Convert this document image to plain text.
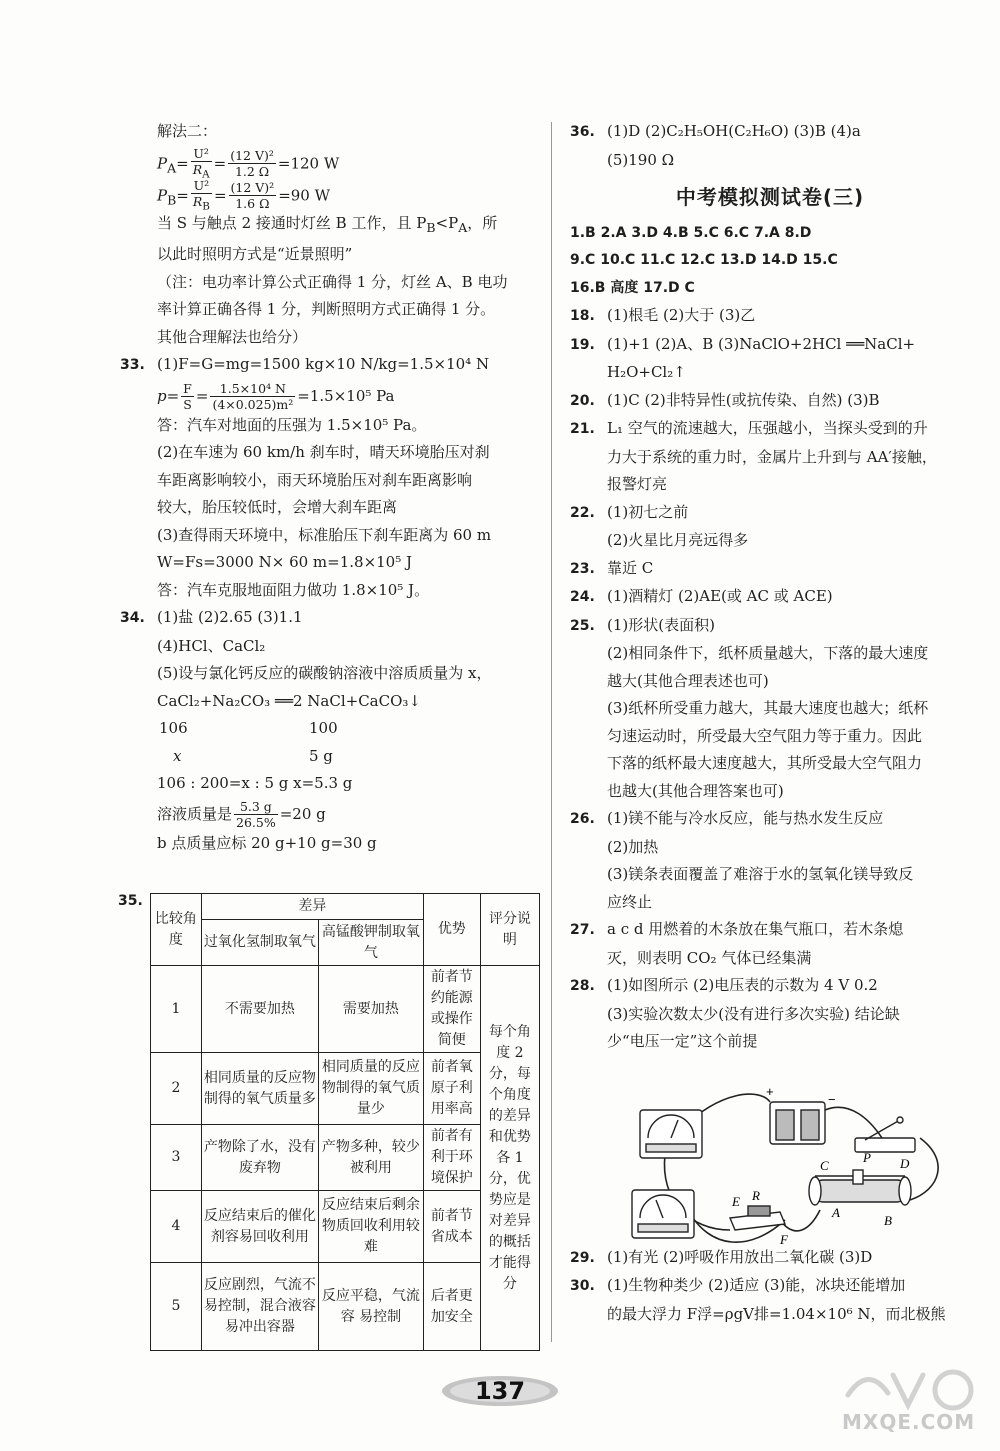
解法二：
$P_A= \frac{\text{U²}}{R_A} = \frac{\text{(12 V)²}}{1.2 \Omega} =120$ W
$P_B= \frac{\text{U²}}{R_B} = \frac{\text{(12 V)²}}{1.6 \Omega} =90$ W
当 S 与触点 2 接通时灯丝 B 工作，且 $P_B<P_A$，所
以此时照明方式是“近景照明”
（注：电功率计算公式正确得 1 分，灯丝 A、B 电功
率计算正确各得 1 分，判断照明方式正确得 1 分。
其他合理解法也给分）
33. (1)F=G=mg=1500 kg×10 N/kg=1.5×10⁴ N
$p= \frac{F}{S} = \frac{\text{1.5×10⁴ N}}{\text{(4×0.025)m²}} =1.5\times 10^5$ Pa
答：汽车对地面的压强为 1.5×10⁵ Pa。
(2)在车速为 60 km/h 刹车时，晴天环境胎压对刹
车距离影响较小，雨天环境胎压对刹车距离影响
较大，胎压较低时，会增大刹车距离
(3)查得雨天环境中，标准胎压下刹车距离为 60 m
W=Fs=3000 N× 60 m=1.8×10⁵ J
答：汽车克服地面阻力做功 1.8×10⁵ J。
34. (1)盐 (2)2.65 (3)1.1
(4)HCl、CaCl₂
(5)设与氯化钙反应的碳酸钠溶液中溶质质量为 x，
CaCl₂+Na₂CO₃ ══2 NaCl+CaCO₃↓
106	100
x	5 g
106 : 200=x : 5 g x=5.3 g
溶液质量是 $\frac{5.3 g}{26.5\%} =20$ g
b 点质量应标 20 g+10 g=30 g
35.
比较角度	差异		优势	评分说明
	过氧化氢制取氧气	高锰酸钾制取氧气		
1	不需要加热	需要加热	前者节约能源或操作简便	每个角度 2 分，每个角度的差异和优势各 1 分，优势应是对差异的概括才能得分
2	相同质量的反应物制得的氧气质量多	相同质量的反应物制得的氧气质量少	前者氧原子利用率高	
3	产物除了水，没有废弃物	产物多种，较少被利用	前者有利于环境保护	
4	反应结束后的催化剂容易回收利用	反应结束后剩余物质回收利用较难	前者节省成本	
5	反应剧烈，气流不易控制，混合液容易冲出容器	反应平稳，气流容 易控制	后者更加安全	
36. (1)D (2)C₂H₅OH(C₂H₆O) (3)B (4)a
(5)190 Ω
中考模拟测试卷(三)
1.B 2.A 3.D 4.B 5.C 6.C 7.A 8.D
9.C 10.C 11.C 12.C 13.D 14.D 15.C
16.B 高度 17.D C
18. (1)根毛 (2)大于 (3)乙
19. (1)+1 (2)A、B (3)NaClO+2HCl ══NaCl+
H₂O+Cl₂↑
20. (1)C (2)非特异性(或抗传染、自然) (3)B
21. L₁ 空气的流速越大，压强越小，当探头受到的升
力大于系统的重力时，金属片上升到与 AA′接触，
报警灯亮
22. (1)初七之前
(2)火星比月亮远得多
23. 靠近 C
24. (1)酒精灯 (2)AE(或 AC 或 ACE)
25. (1)形状(表面积)
(2)相同条件下，纸杯质量越大，下落的最大速度
越大(其他合理表述也可)
(3)纸杯所受重力越大，其最大速度也越大；纸杯
匀速运动时，所受最大空气阻力等于重力。因此
下落的纸杯最大速度越大，其所受最大空气阻力
也越大(其他合理答案也可)
26. (1)镁不能与冷水反应，能与热水发生反应
(2)加热
(3)镁条表面覆盖了难溶于水的氢氧化镁导致反
应终止
27. a c d 用燃着的木条放在集气瓶口，若木条熄
灭，则表明 CO₂ 气体已经集满
28. (1)如图所示 (2)电压表的示数为 4 V 0.2
(3)实验次数太少(没有进行多次实验) 结论缺
少“电压一定”这个前提
29. (1)有光 (2)呼吸作用放出二氧化碳 (3)D
30. (1)生物种类少 (2)适应 (3)能，冰块还能增加
的最大浮力 F浮=ρgV排=1.04×10⁶ N，而北极熊
+
−
C
P D
A
B
E R
F
137
MXQE.COM
